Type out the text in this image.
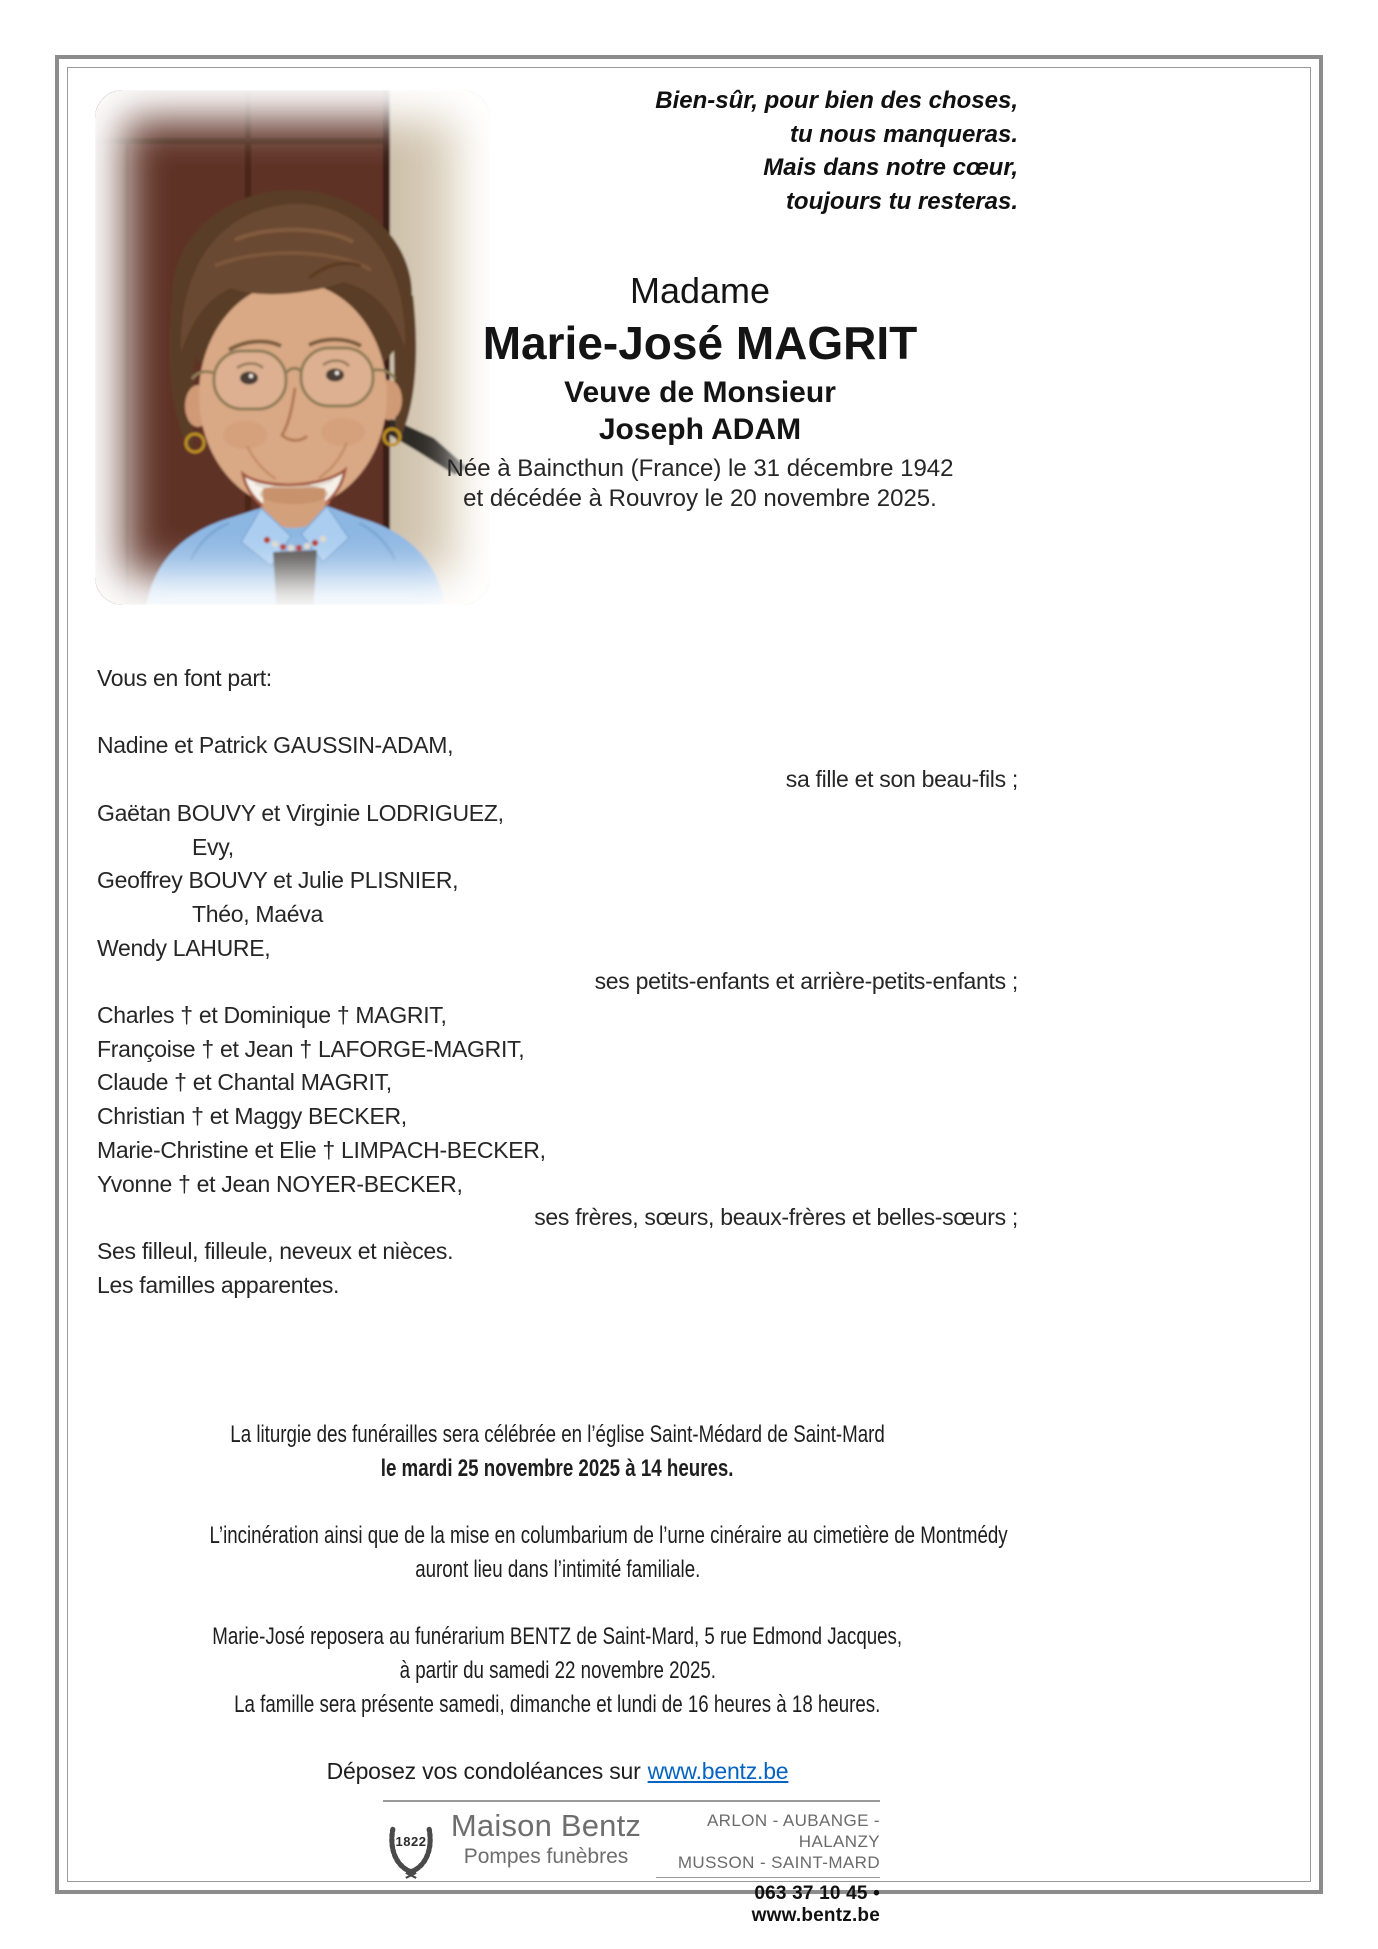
Bien-sûr, pour bien des choses,
tu nous manqueras.
Mais dans notre cœur,
toujours tu resteras.
Madame
Marie-José MAGRIT
Veuve de Monsieur
Joseph ADAM
Née à Baincthun (France) le 31 décembre 1942
et décédée à Rouvroy le 20 novembre 2025.
Vous en font part:
Nadine et Patrick GAUSSIN-ADAM,
sa fille et son beau-fils ;
Gaëtan BOUVY et Virginie LODRIGUEZ,
Evy,
Geoffrey BOUVY et Julie PLISNIER,
Théo, Maéva
Wendy LAHURE,
ses petits-enfants et arrière-petits-enfants ;
Charles † et Dominique † MAGRIT,
Françoise † et Jean † LAFORGE-MAGRIT,
Claude † et Chantal MAGRIT,
Christian † et Maggy BECKER,
Marie-Christine et Elie † LIMPACH-BECKER,
Yvonne † et Jean NOYER-BECKER,
ses frères, sœurs, beaux-frères et belles-sœurs ;
Ses filleul, filleule, neveux et nièces.
Les familles apparentes.
La liturgie des funérailles sera célébrée en l’église Saint-Médard de Saint-Mard
le mardi 25 novembre 2025 à 14 heures.
L’incinération ainsi que de la mise en columbarium de l’urne cinéraire au cimetière de Montmédy
auront lieu dans l’intimité familiale.
Marie-José reposera au funérarium BENTZ de Saint-Mard, 5 rue Edmond Jacques,
à partir du samedi 22 novembre 2025.
La famille sera présente samedi, dimanche et lundi de 16 heures à 18 heures.
Déposez vos condoléances sur www.bentz.be
1822 Maison Bentz
Pompes funèbres
ARLON - AUBANGE - HALANZY
MUSSON - SAINT-MARD
063 37 10 45 • www.bentz.be
